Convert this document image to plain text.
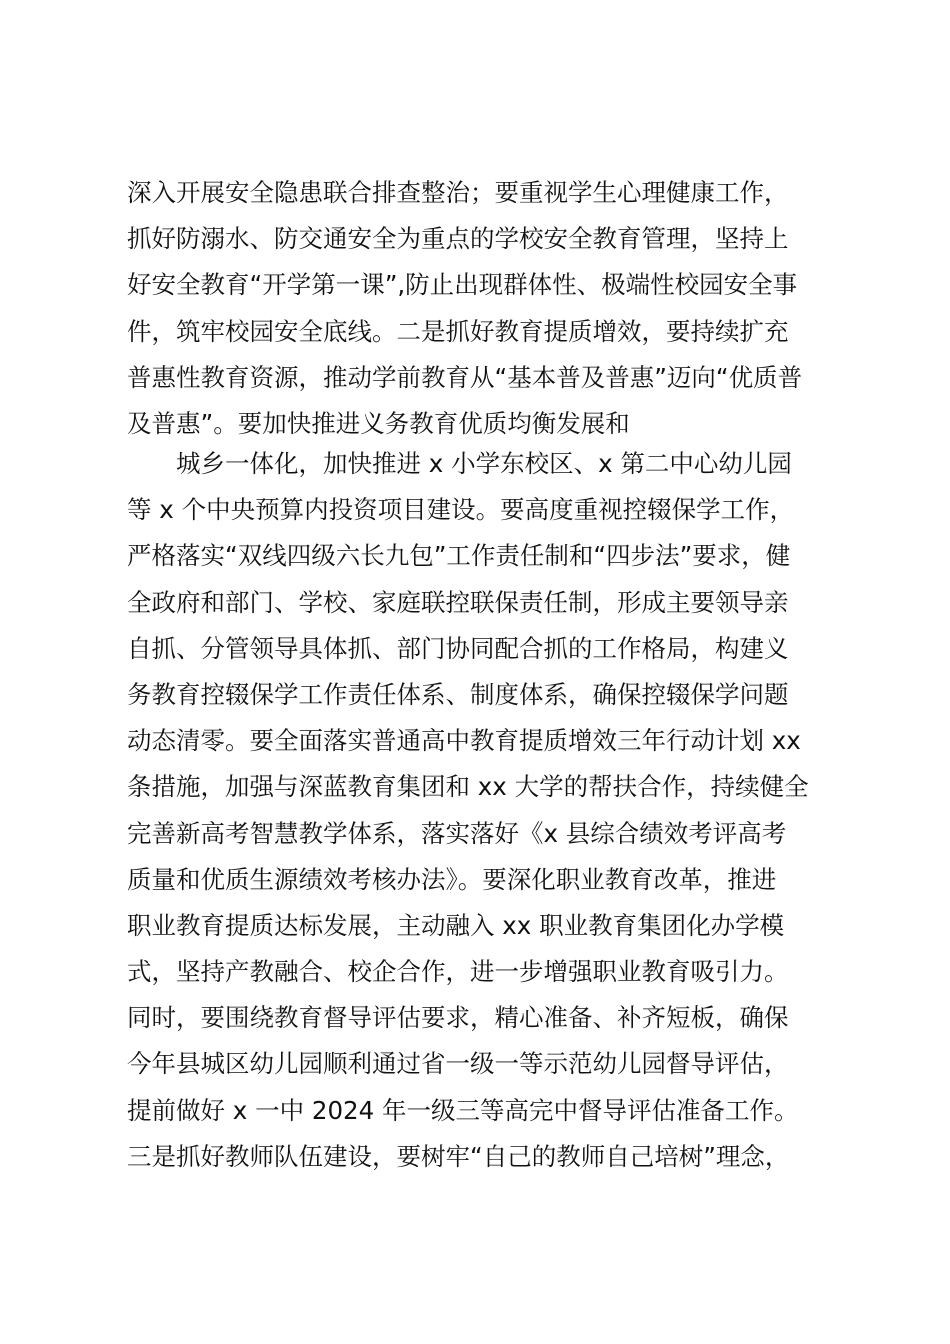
深入开展安全隐患联合排查整治；要重视学生心理健康工作，
抓好防溺水、防交通安全为重点的学校安全教育管理，坚持上
好安全教育“开学第一课”,防止出现群体性、极端性校园安全事
件，筑牢校园安全底线。二是抓好教育提质增效，要持续扩充
普惠性教育资源，推动学前教育从“基本普及普惠”迈向“优质普
及普惠”。要加快推进义务教育优质均衡发展和
城乡一体化，加快推进 x 小学东校区、x 第二中心幼儿园
等 x 个中央预算内投资项目建设。要高度重视控辍保学工作，
严格落实“双线四级六长九包”工作责任制和“四步法”要求，健
全政府和部门、学校、家庭联控联保责任制，形成主要领导亲
自抓、分管领导具体抓、部门协同配合抓的工作格局，构建义
务教育控辍保学工作责任体系、制度体系，确保控辍保学问题
动态清零。要全面落实普通高中教育提质增效三年行动计划 xx
条措施，加强与深蓝教育集团和 xx 大学的帮扶合作，持续健全
完善新高考智慧教学体系，落实落好《x 县综合绩效考评高考
质量和优质生源绩效考核办法》。要深化职业教育改革，推进
职业教育提质达标发展，主动融入 xx 职业教育集团化办学模
式，坚持产教融合、校企合作，进一步增强职业教育吸引力。
同时，要围绕教育督导评估要求，精心准备、补齐短板，确保
今年县城区幼儿园顺利通过省一级一等示范幼儿园督导评估，
提前做好 x 一中 2024 年一级三等高完中督导评估准备工作。
三是抓好教师队伍建设，要树牢“自己的教师自己培树”理念，
